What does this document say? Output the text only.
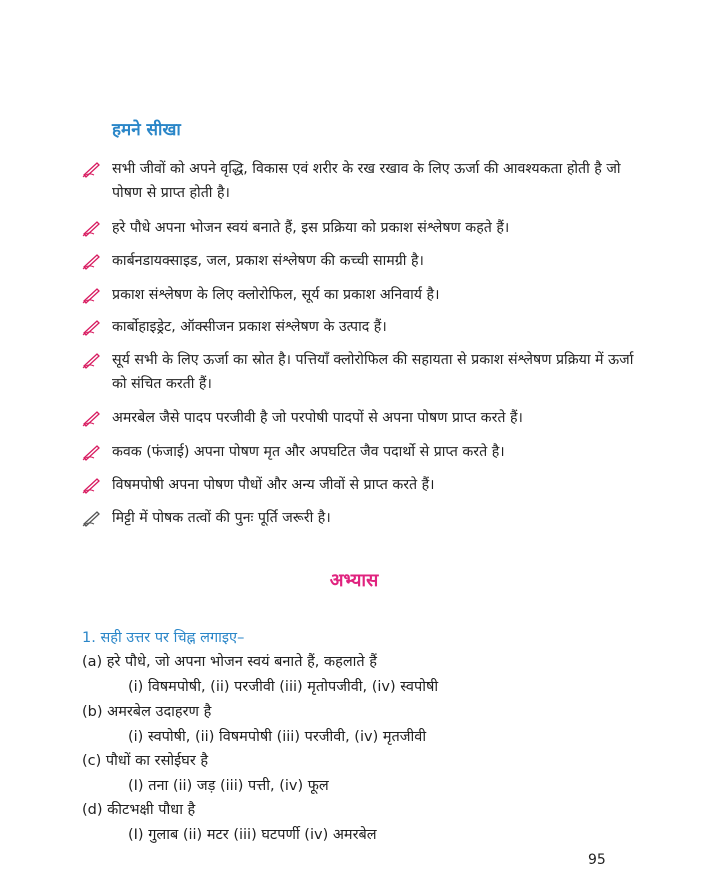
हमने सीखा
सभी जीवों को अपने वृद्धि, विकास एवं शरीर के रख रखाव के लिए ऊर्जा की आवश्यकता होती है जो पोषण से प्राप्त होती है।
हरे पौधे अपना भोजन स्वयं बनाते हैं, इस प्रक्रिया को प्रकाश संश्लेषण कहते हैं।
कार्बनडायक्साइड, जल, प्रकाश संश्लेषण की कच्ची सामग्री है।
प्रकाश संश्लेषण के लिए क्लोरोफिल, सूर्य का प्रकाश अनिवार्य है।
कार्बोहाइड्रेट, ऑक्सीजन प्रकाश संश्लेषण के उत्पाद हैं।
सूर्य सभी के लिए ऊर्जा का स्रोत है। पत्तियाँ क्लोरोफिल की सहायता से प्रकाश संश्लेषण प्रक्रिया में ऊर्जा को संचित करती हैं।
अमरबेल जैसे पादप परजीवी है जो परपोषी पादपों से अपना पोषण प्राप्त करते हैं।
कवक (फंजाई) अपना पोषण मृत और अपघटित जैव पदार्थो से प्राप्त करते है।
विषमपोषी अपना पोषण पौधों और अन्य जीवों से प्राप्त करते हैं।
मिट्टी में पोषक तत्वों की पुनः पूर्ति जरूरी है।
अभ्यास
1. सही उत्तर पर चिह्न लगाइए–
(a) हरे पौधे, जो अपना भोजन स्वयं बनाते हैं, कहलाते हैं
(i) विषमपोषी, (ii) परजीवी (iii) मृतोपजीवी, (iv) स्वपोषी
(b) अमरबेल उदाहरण है
(i) स्वपोषी, (ii) विषमपोषी (iii) परजीवी, (iv) मृतजीवी
(c) पौधों का रसोईघर है
(I) तना (ii) जड़ (iii) पत्ती, (iv) फूल
(d) कीटभक्षी पौधा है
(I) गुलाब (ii) मटर (iii) घटपर्णी (iv) अमरबेल
95
